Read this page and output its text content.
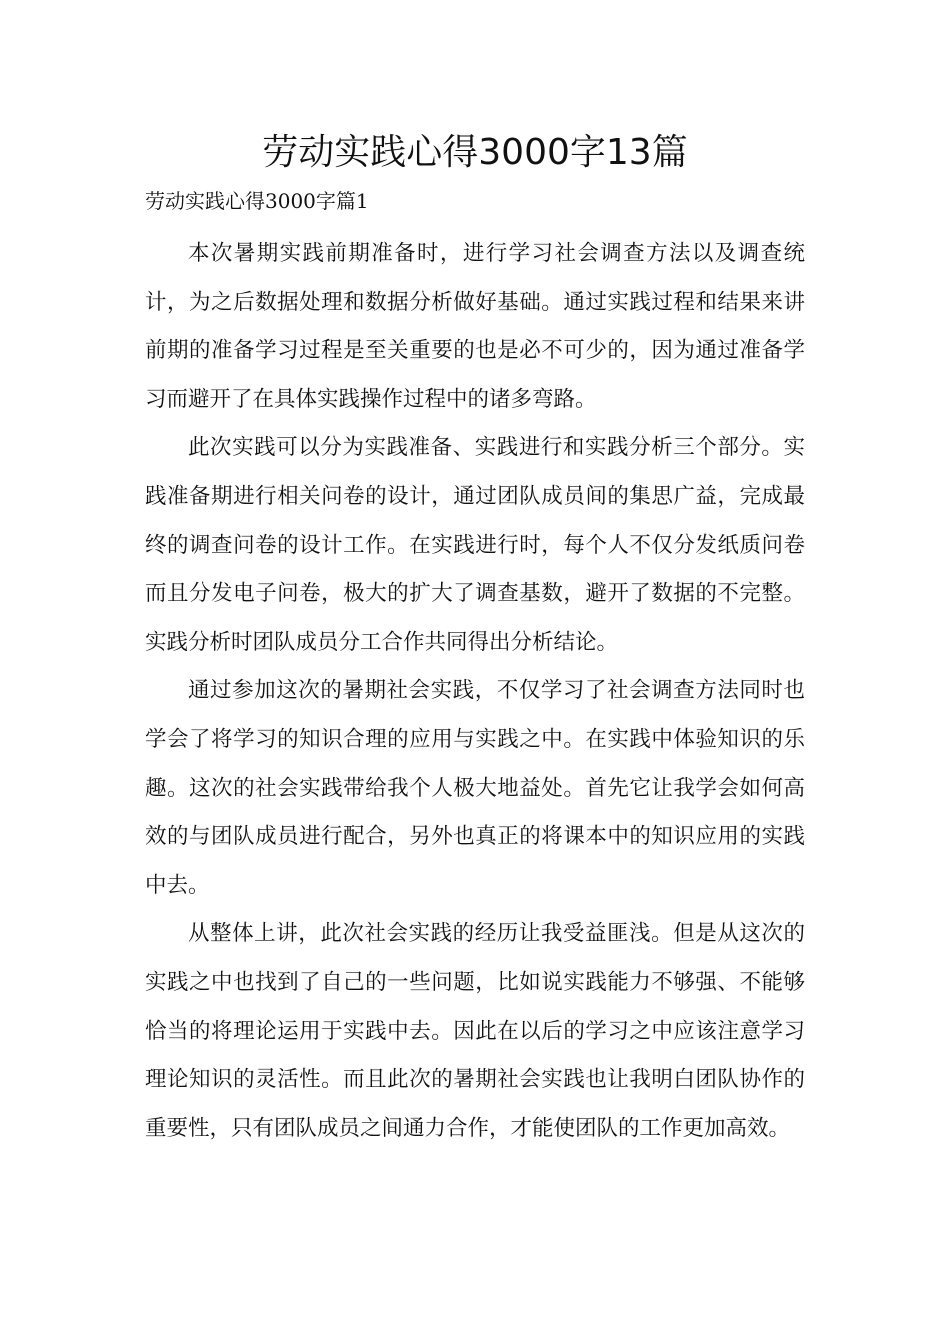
劳动实践心得3000字13篇

劳动实践心得3000字篇1

本次暑期实践前期准备时，进行学习社会调查方法以及调查统计，为之后数据处理和数据分析做好基础。通过实践过程和结果来讲前期的准备学习过程是至关重要的也是必不可少的，因为通过准备学习而避开了在具体实践操作过程中的诸多弯路。

此次实践可以分为实践准备、实践进行和实践分析三个部分。实践准备期进行相关问卷的设计，通过团队成员间的集思广益，完成最终的调查问卷的设计工作。在实践进行时，每个人不仅分发纸质问卷而且分发电子问卷，极大的扩大了调查基数，避开了数据的不完整。实践分析时团队成员分工合作共同得出分析结论。

通过参加这次的暑期社会实践，不仅学习了社会调查方法同时也学会了将学习的知识合理的应用与实践之中。在实践中体验知识的乐趣。这次的社会实践带给我个人极大地益处。首先它让我学会如何高效的与团队成员进行配合，另外也真正的将课本中的知识应用的实践中去。

从整体上讲，此次社会实践的经历让我受益匪浅。但是从这次的实践之中也找到了自己的一些问题，比如说实践能力不够强、不能够恰当的将理论运用于实践中去。因此在以后的学习之中应该注意学习理论知识的灵活性。而且此次的暑期社会实践也让我明白团队协作的重要性，只有团队成员之间通力合作，才能使团队的工作更加高效。
